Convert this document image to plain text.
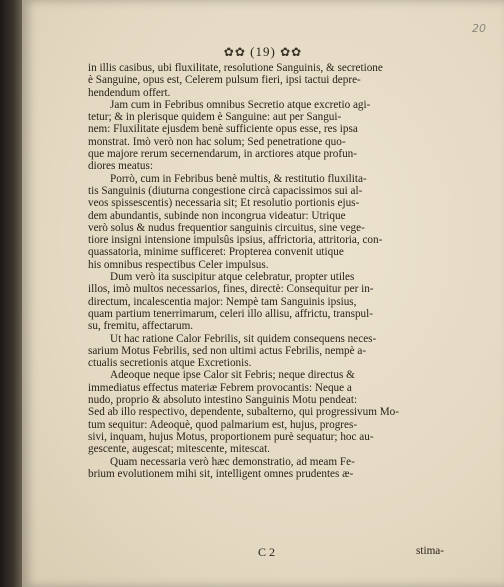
20
✿✿ (19) ✿✿
in illis casibus, ubi fluxilitate, resolutione Sanguinis, & secretione
è Sanguine, opus est, Celerem pulsum fieri, ipsi tactui depre-
hendendum offert.
Jam cum in Febribus omnibus Secretio atque excretio agi-
tetur; & in plerisque quidem è Sanguine: aut per Sangui-
nem: Fluxilitate ejusdem benè sufficiente opus esse, res ipsa
monstrat. Imò verò non hac solum; Sed penetratione quo-
que majore rerum secernendarum, in arctiores atque profun-
diores meatus:
Porrò, cum in Febribus benè multis, & restitutio fluxilita-
tis Sanguinis (diuturna congestione circà capacissimos sui al-
veos spissescentis) necessaria sit; Et resolutio portionis ejus-
dem abundantis, subinde non incongrua videatur: Utrique
verò solus & nudus frequentior sanguinis circuitus, sine vege-
tiore insigni intensione impulsûs ipsius, affrictoria, attritoria, con-
quassatoria, minime sufficeret: Propterea convenit utique
his omnibus respectibus Celer impulsus.
Dum verò ita suscipitur atque celebratur, propter utiles
illos, imò multos necessarios, fines, directè: Consequitur per in-
directum, incalescentia major: Nempè tam Sanguinis ipsius,
quam partium tenerrimarum, celeri illo allisu, affrictu, transpul-
su, fremitu, affectarum.
Ut hac ratione Calor Febrilis, sit quidem consequens neces-
sarium Motus Febrilis, sed non ultimi actus Febrilis, nempè a-
ctualis secretionis atque Excretionis.
Adeoque neque ipse Calor sit Febris; neque directus &
immediatus effectus materiæ Febrem provocantis: Neque a
nudo, proprio & absoluto intestino Sanguinis Motu pendeat:
Sed ab illo respectivo, dependente, subalterno, qui progressivum Mo-
tum sequitur: Adeoquè, quod palmarium est, hujus, progres-
sivi, inquam, hujus Motus, proportionem purè sequatur; hoc au-
gescente, augescat; mitescente, mitescat.
Quam necessaria verò hæc demonstratio, ad meam Fe-
brium evolutionem mihi sit, intelligent omnes prudentes æ-
C 2	stima-
